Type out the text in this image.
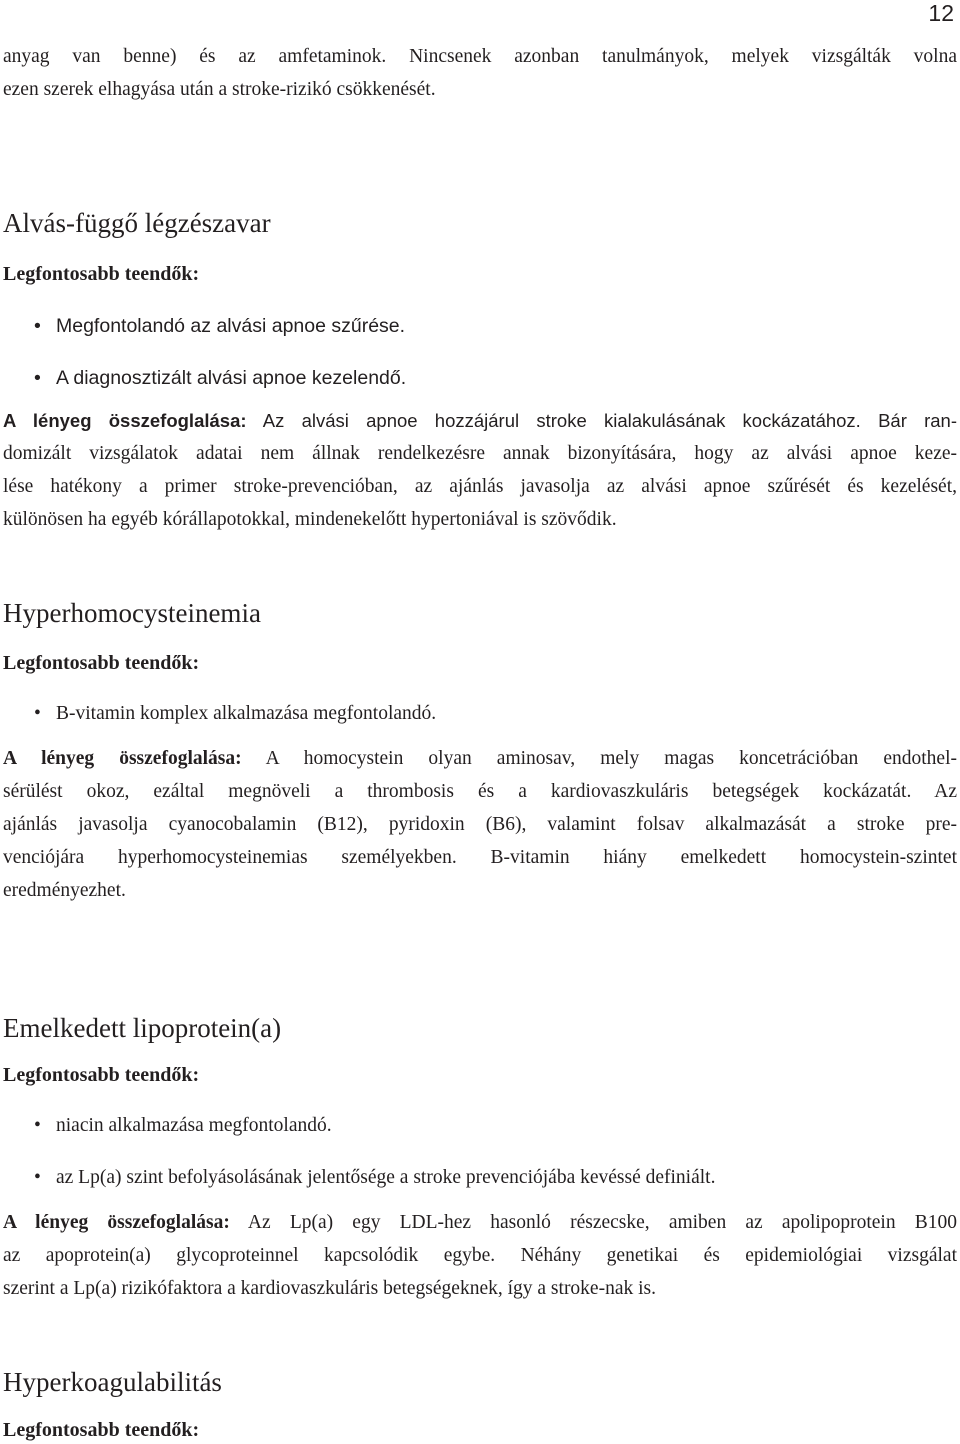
12

anyag van benne) és az amfetaminok. Nincsenek azonban tanulmányok, melyek vizsgálták volna
ezen szerek elhagyása után a stroke-rizikó csökkenését.

Alvás-függő légzészavar
Legfontosabb teendők:
• Megfontolandó az alvási apnoe szűrése.
• A diagnosztizált alvási apnoe kezelendő.

A lényeg összefoglalása: Az alvási apnoe hozzájárul stroke kialakulásának kockázatához. Bár ran-
domizált vizsgálatok adatai nem állnak rendelkezésre annak bizonyítására, hogy az alvási apnoe keze-
lése hatékony a primer stroke-prevencióban, az ajánlás javasolja az alvási apnoe szűrését és kezelését,
különösen ha egyéb kórállapotokkal, mindenekelőtt hypertoniával is szövődik.

Hyperhomocysteinemia
Legfontosabb teendők:
• B-vitamin komplex alkalmazása megfontolandó.

A lényeg összefoglalása: A homocystein olyan aminosav, mely magas koncetrációban endothel-
sérülést okoz, ezáltal megnöveli a thrombosis és a kardiovaszkuláris betegségek kockázatát. Az
ajánlás javasolja cyanocobalamin (B12), pyridoxin (B6), valamint folsav alkalmazását a stroke pre-
venciójára hyperhomocysteinemias személyekben. B-vitamin hiány emelkedett homocystein-szintet
eredményezhet.

Emelkedett lipoprotein(a)
Legfontosabb teendők:
• niacin alkalmazása megfontolandó.
• az Lp(a) szint befolyásolásának jelentősége a stroke prevenciójába kevéssé definiált.

A lényeg összefoglalása: Az Lp(a) egy LDL-hez hasonló részecske, amiben az apolipoprotein B100
az apoprotein(a) glycoproteinnel kapcsolódik egybe. Néhány genetikai és epidemiológiai vizsgálat
szerint a Lp(a) rizikófaktora a kardiovaszkuláris betegségeknek, így a stroke-nak is.

Hyperkoagulabilitás
Legfontosabb teendők:
